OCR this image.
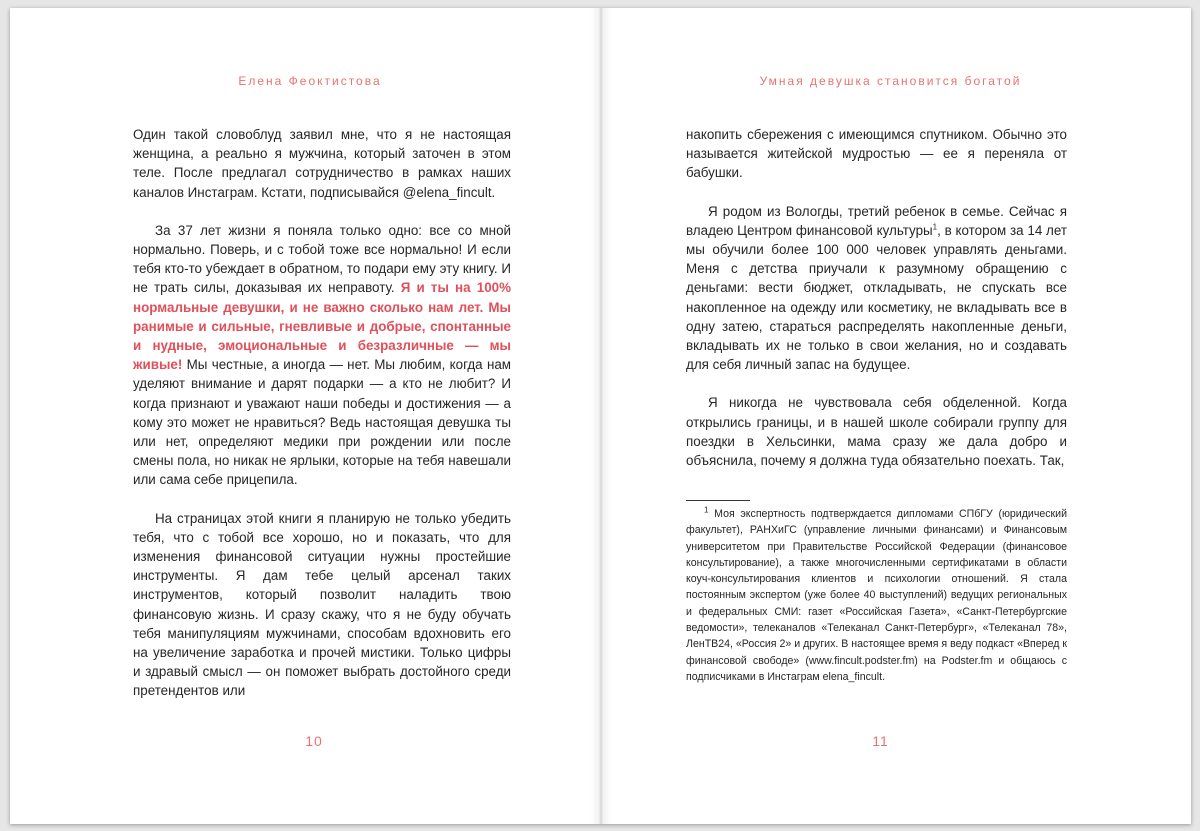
Елена Феоктистова

Один такой словоблуд заявил мне, что я не настоящая женщина, а реально я мужчина, который заточен в этом теле. После предлагал сотрудничество в рамках наших каналов Инстаграм. Кстати, подписывайся @elena_fincult.

За 37 лет жизни я поняла только одно: все со мной нормально. Поверь, и с тобой тоже все нормально! И если тебя кто-то убеждает в обратном, то подари ему эту книгу. И не трать силы, доказывая их неправоту. Я и ты на 100% нормальные девушки, и не важно сколько нам лет. Мы ранимые и сильные, гневливые и добрые, спонтанные и нудные, эмоциональные и безразличные — мы живые! Мы честные, а иногда — нет. Мы любим, когда нам уделяют внимание и дарят подарки — а кто не любит? И когда признают и уважают наши победы и достижения — а кому это может не нравиться? Ведь настоящая девушка ты или нет, определяют медики при рождении или после смены пола, но никак не ярлыки, которые на тебя навешали или сама себе прицепила.

На страницах этой книги я планирую не только убедить тебя, что с тобой все хорошо, но и показать, что для изменения финансовой ситуации нужны простейшие инструменты. Я дам тебе целый арсенал таких инструментов, который позволит наладить твою финансовую жизнь. И сразу скажу, что я не буду обучать тебя манипуляциям мужчинами, способам вдохновить его на увеличение заработка и прочей мистики. Только цифры и здравый смысл — он поможет выбрать достойного среди претендентов или

10
Умная девушка становится богатой

накопить сбережения с имеющимся спутником. Обычно это называется житейской мудростью — ее я переняла от бабушки.

Я родом из Вологды, третий ребенок в семье. Сейчас я владею Центром финансовой культуры$^1$, в котором за 14 лет мы обучили более 100 000 человек управлять деньгами. Меня с детства приучали к разумному обращению с деньгами: вести бюджет, откладывать, не спускать все накопленное на одежду или косметику, не вкладывать все в одну затею, стараться распределять накопленные деньги, вкладывать их не только в свои желания, но и создавать для себя личный запас на будущее.

Я никогда не чувствовала себя обделенной. Когда открылись границы, и в нашей школе собирали группу для поездки в Хельсинки, мама сразу же дала добро и объяснила, почему я должна туда обязательно поехать. Так,

$^1$ Моя экспертность подтверждается дипломами СПбГУ (юридический факультет), РАНХиГС (управление личными финансами) и Финансовым университетом при Правительстве Российской Федерации (финансовое консультирование), а также многочисленными сертификатами в области коуч-консультирования клиентов и психологии отношений. Я стала постоянным экспертом (уже более 40 выступлений) ведущих региональных и федеральных СМИ: газет «Российская Газета», «Санкт-Петербургские ведомости», телеканалов «Телеканал Санкт-Петербург», «Телеканал 78», ЛенТВ24, «Россия 2» и других. В настоящее время я веду подкаст «Вперед к финансовой свободе» (www.fincult.podster.fm) на Podster.fm и общаюсь с подписчиками в Инстаграм elena_fincult.
11
